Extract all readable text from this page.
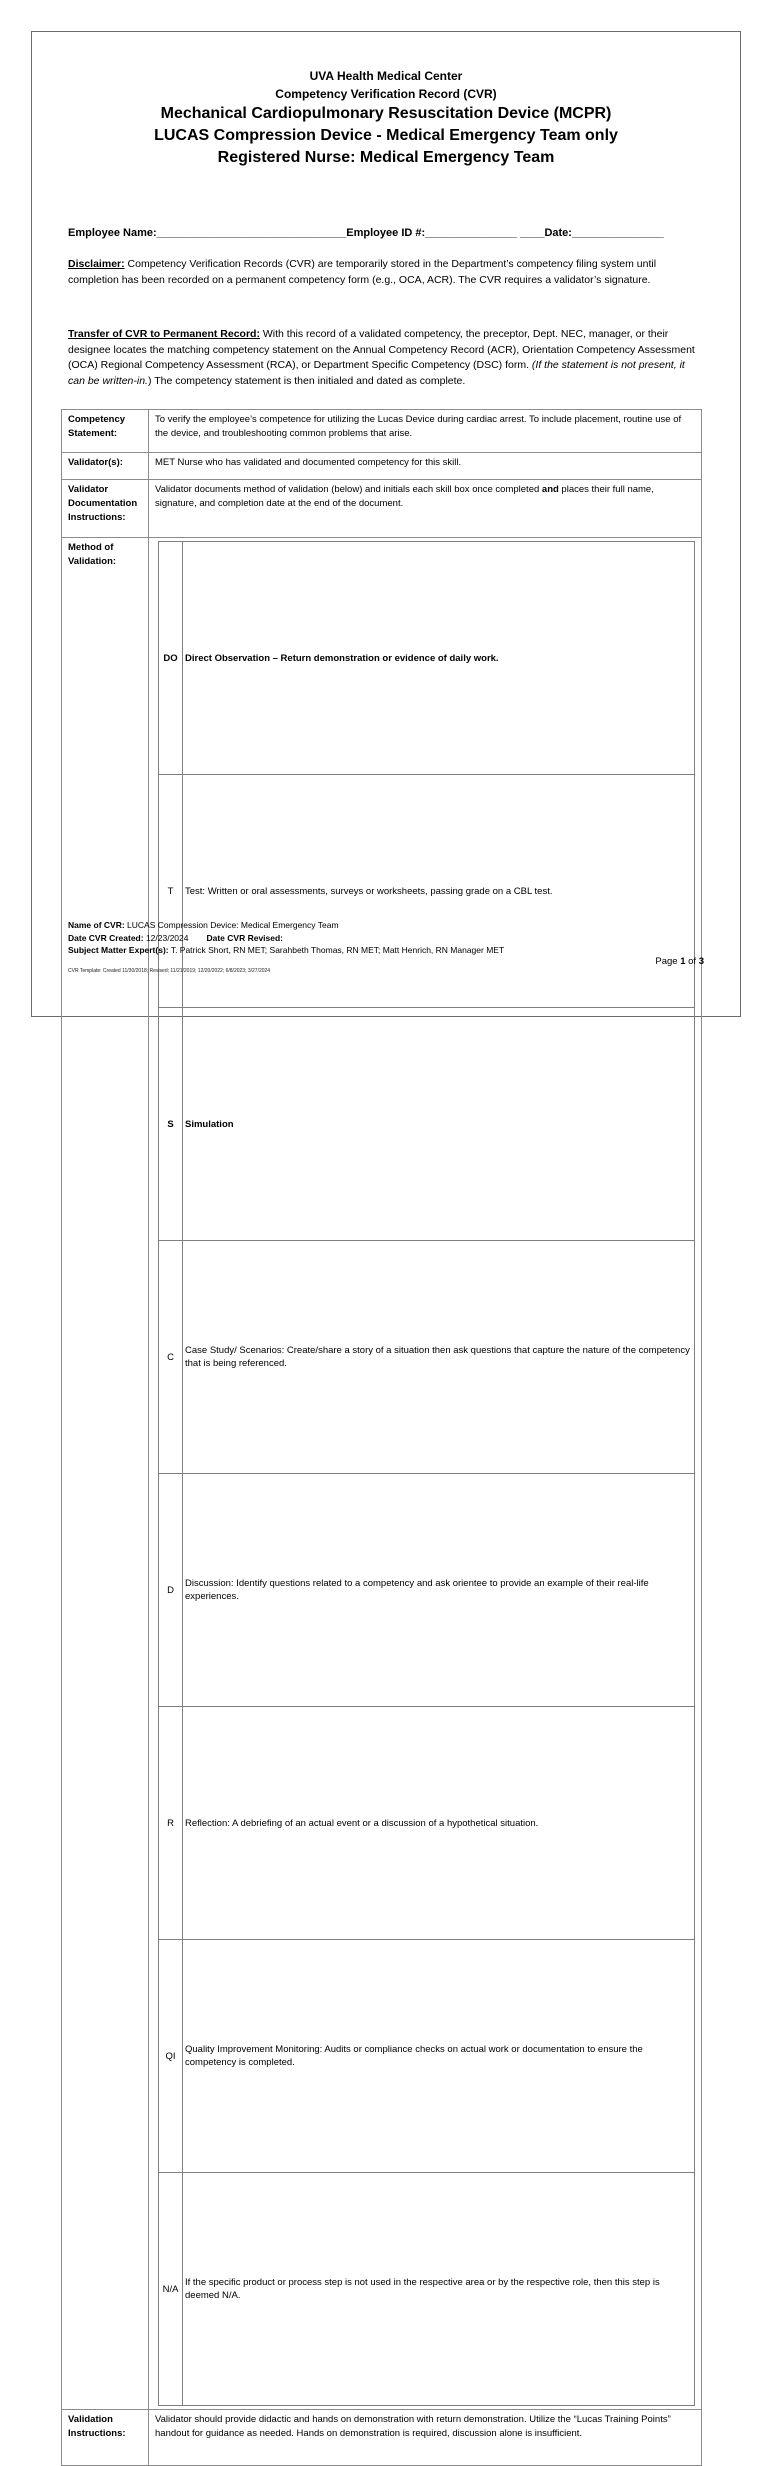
UVA Health Medical Center
Competency Verification Record (CVR)
Mechanical Cardiopulmonary Resuscitation Device (MCPR)
LUCAS Compression Device - Medical Emergency Team only
Registered Nurse: Medical Emergency Team
Employee Name:_______________________________Employee ID #:_______________ ____Date:_______________
Disclaimer: Competency Verification Records (CVR) are temporarily stored in the Department’s competency filing system until completion has been recorded on a permanent competency form (e.g., OCA, ACR). The CVR requires a validator’s signature.
Transfer of CVR to Permanent Record: With this record of a validated competency, the preceptor, Dept. NEC, manager, or their designee locates the matching competency statement on the Annual Competency Record (ACR), Orientation Competency Assessment (OCA) Regional Competency Assessment (RCA), or Department Specific Competency (DSC) form. (If the statement is not present, it can be written-in.) The competency statement is then initialed and dated as complete.
Competency Statement:	To verify the employee’s competence for utilizing the Lucas Device during cardiac arrest. To include placement, routine use of the device, and troubleshooting common problems that arise.
Validator(s):	MET Nurse who has validated and documented competency for this skill.
Validator Documentation Instructions:	Validator documents method of validation (below) and initials each skill box once completed and places their full name, signature, and completion date at the end of the document.
Method of Validation:	
DO	Direct Observation – Return demonstration or evidence of daily work.
T	Test: Written or oral assessments, surveys or worksheets, passing grade on a CBL test.
S	Simulation
C	Case Study/ Scenarios: Create/share a story of a situation then ask questions that capture the nature of the competency that is being referenced.
D	Discussion: Identify questions related to a competency and ask orientee to provide an example of their real-life experiences.
R	Reflection: A debriefing of an actual event or a discussion of a hypothetical situation.
QI	Quality Improvement Monitoring: Audits or compliance checks on actual work or documentation to ensure the competency is completed.
N/A	If the specific product or process step is not used in the respective area or by the respective role, then this step is deemed N/A.

Validation Instructions:	Validator should provide didactic and hands on demonstration with return demonstration. Utilize the “Lucas Training Points” handout for guidance as needed. Hands on demonstration is required, discussion alone is insufficient.
Name of CVR: LUCAS Compression Device: Medical Emergency Team
Date CVR Created: 12/23/2024 Date CVR Revised:
Subject Matter Expert(s): T. Patrick Short, RN MET; Sarahbeth Thomas, RN MET; Matt Henrich, RN Manager MET
Page 1 of 3
CVR Template: Created 11/30/2018; Revised; 11/21/2019; 12/20/2022; 6/8/2023; 3/27/2024
